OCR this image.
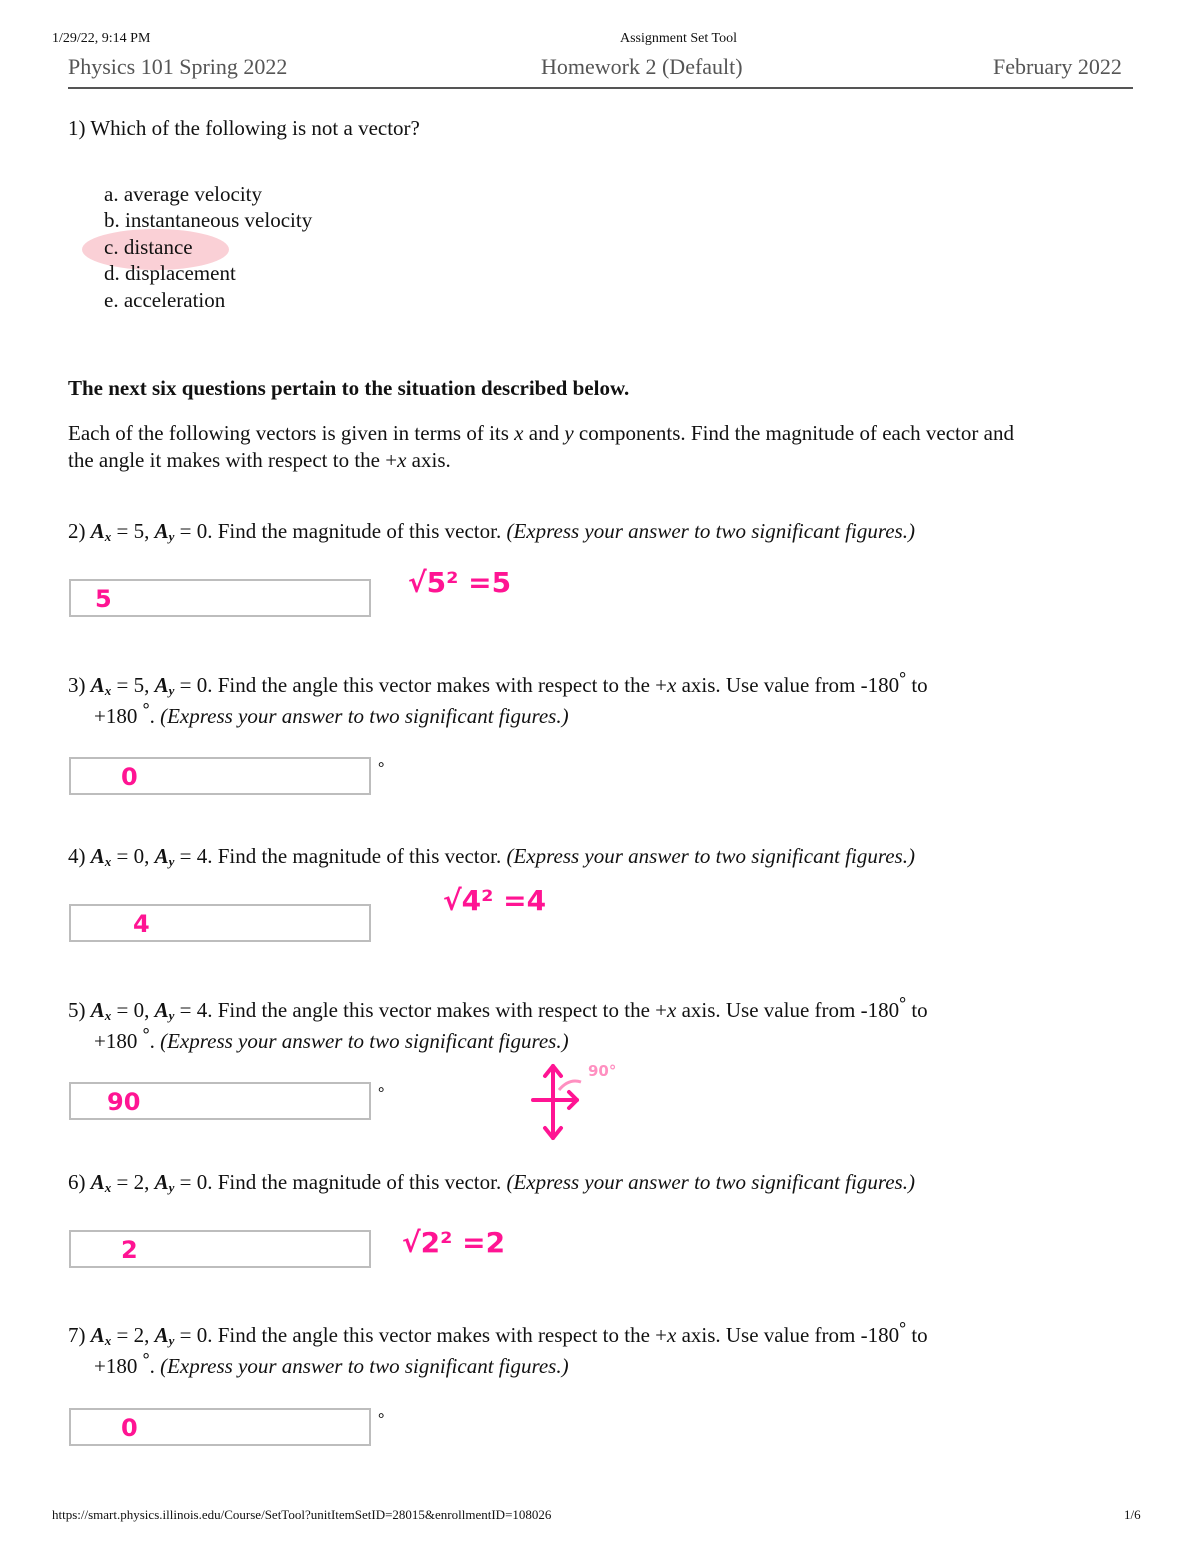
1/29/22, 9:14 PM	Assignment Set Tool
Physics 101 Spring 2022	Homework 2 (Default)	February 2022
1) Which of the following is not a vector?
a. average velocity
b. instantaneous velocity
c. distance
d. displacement
e. acceleration
The next six questions pertain to the situation described below.
Each of the following vectors is given in terms of its x and y components. Find the magnitude of each vector and
the angle it makes with respect to the +x axis.
2) $A_x = 5$, $A_y = 0$. Find the magnitude of this vector. (Express your answer to two significant figures.)
5	√5² =5
3) $A_x = 5$, $A_y = 0$. Find the angle this vector makes with respect to the +x axis. Use value from -180° to
+180 °. (Express your answer to two significant figures.)
0	°
4) $A_x = 0$, $A_y = 4$. Find the magnitude of this vector. (Express your answer to two significant figures.)
4
√4² =4
5) $A_x = 0$, $A_y = 4$. Find the angle this vector makes with respect to the +x axis. Use value from -180° to
+180 °. (Express your answer to two significant figures.)
90	°
90°
6) $A_x = 2$, $A_y = 0$. Find the magnitude of this vector. (Express your answer to two significant figures.)
2	√2² =2
7) $A_x = 2$, $A_y = 0$. Find the angle this vector makes with respect to the +x axis. Use value from -180° to
+180 °. (Express your answer to two significant figures.)
0	°
https://smart.physics.illinois.edu/Course/SetTool?unitItemSetID=28015&enrollmentID=108026	1/6
